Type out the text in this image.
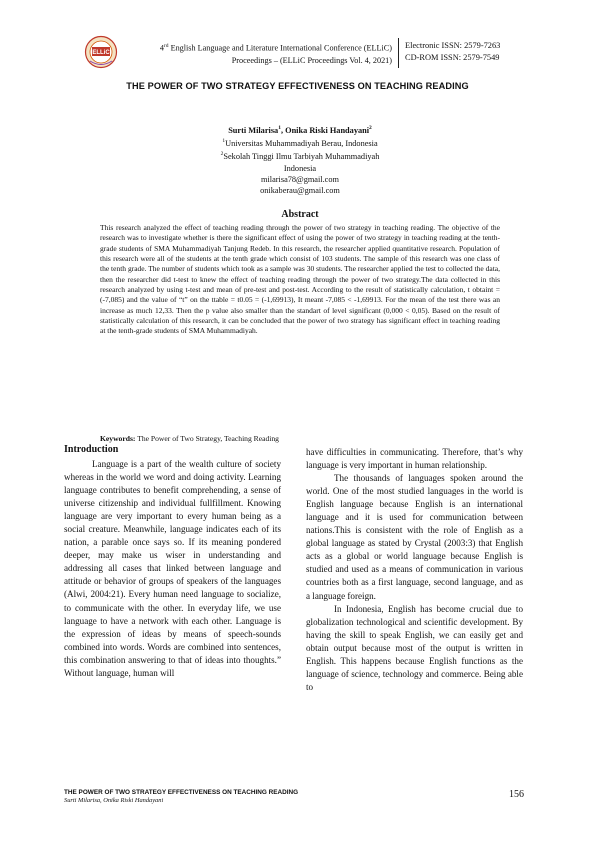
ELLiC
4rd English Language and Literature International Conference (ELLiC)
Proceedings – (ELLiC Proceedings Vol. 4, 2021)
Electronic ISSN: 2579-7263
CD-ROM ISSN: 2579-7549
THE POWER OF TWO STRATEGY EFFECTIVENESS ON TEACHING READING
Surti Milarisa$^1$, Onika Riski Handayani$^2$
$^1$Universitas Muhammadiyah Berau, Indonesia
$^2$Sekolah Tinggi Ilmu Tarbiyah Muhammadiyah
Indonesia
milarisa78@gmail.com
onikaberau@gmail.com
Abstract
This research analyzed the effect of teaching reading through the power of two strategy in teaching reading. The objective of the research was to investigate whether is there the significant effect of using the power of two strategy in teaching reading at the tenth-grade students of SMA Muhammadiyah Tanjung Redeb. In this research, the researcher applied quantitative research. Population of this research were all of the students at the tenth grade which consist of 103 students. The sample of this research was one class of the tenth grade. The number of students which took as a sample was 30 students. The researcher applied the test to collected the data, then the researcher did t-test to knew the effect of teaching reading through the power of two strategy.The data collected in this research analyzed by using t-test and mean of pre-test and post-test. According to the result of statistically calculation, t obtaint = (-7,085) and the value of “t” on the ttable = t0.05 = (-1,69913), It meant -7,085 < -1,69913. For the mean of the test there was an increase as much 12,33. Then the p value also smaller than the standart of level significant (0,000 < 0,05). Based on the result of statistically calculation of this research, it can be concluded that the power of two strategy has significant effect in teaching reading at the tenth-grade students of SMA Muhammadiyah.
Keywords: The Power of Two Strategy, Teaching Reading
Introduction

Language is a part of the wealth culture of society whereas in the world we word and doing activity. Learning language contributes to benefit comprehending, a sense of universe citizenship and individual fullfillment. Knowing language are very important to every human being as a social creature. Meanwhile, language indicates each of its nation, a parable once says so. If its meaning pondered deeper, may make us wiser in understanding and addressing all cases that linked between language and attitude or behavior of groups of speakers of the languages (Alwi, 2004:21). Every human need language to socialize, to communicate with the other. In everyday life, we use language to have a network with each other. Language is the expression of ideas by means of speech-sounds combined into words. Words are combined into sentences, this combination answering to that of ideas into thoughts.” Without language, human will

have difficulties in communicating. Therefore, that’s why language is very important in human relationship.

The thousands of languages spoken around the world. One of the most studied languages in the world is English language because English is an international language and it is used for communication between nations.This is consistent with the role of English as a global language as stated by Crystal (2003:3) that English acts as a global or world language because English is studied and used as a means of communication in various countries both as a first language, second language, and as a language foreign.

In Indonesia, English has become crucial due to globalization technological and scientific development. By having the skill to speak English, we can easily get and obtain output because most of the output is written in English. This happens because English functions as the language of science, technology and commerce. Being able to

THE POWER OF TWO STRATEGY EFFECTIVENESS ON TEACHING READING
Surti Milarisa, Onika Riski Handayani
156
